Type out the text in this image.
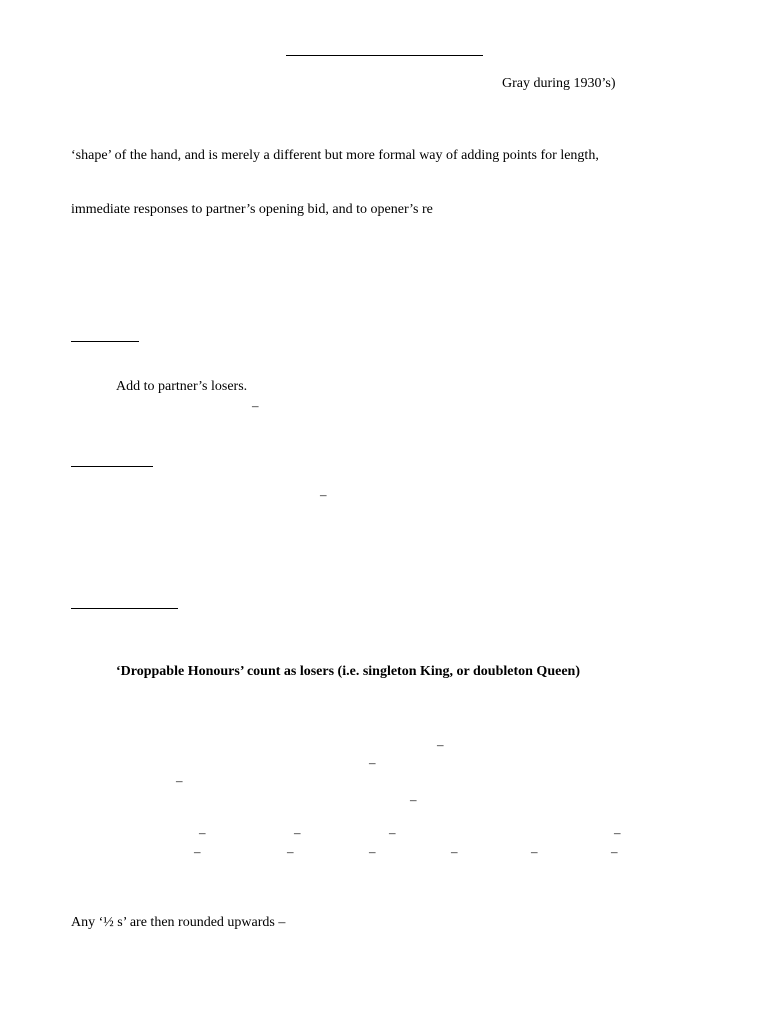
Gray during 1930’s)
‘shape’ of the hand, and is merely a different but more formal way of adding points for length,
immediate responses to partner’s opening bid, and to opener’s re
Add to partner’s losers.
–
–
‘Droppable Honours’ count as losers (i.e. singleton King, or doubleton Queen)
–
–
–
–
–	–	–	–
–	–	–	–	–	–
Any ‘½ s’ are then rounded upwards –
